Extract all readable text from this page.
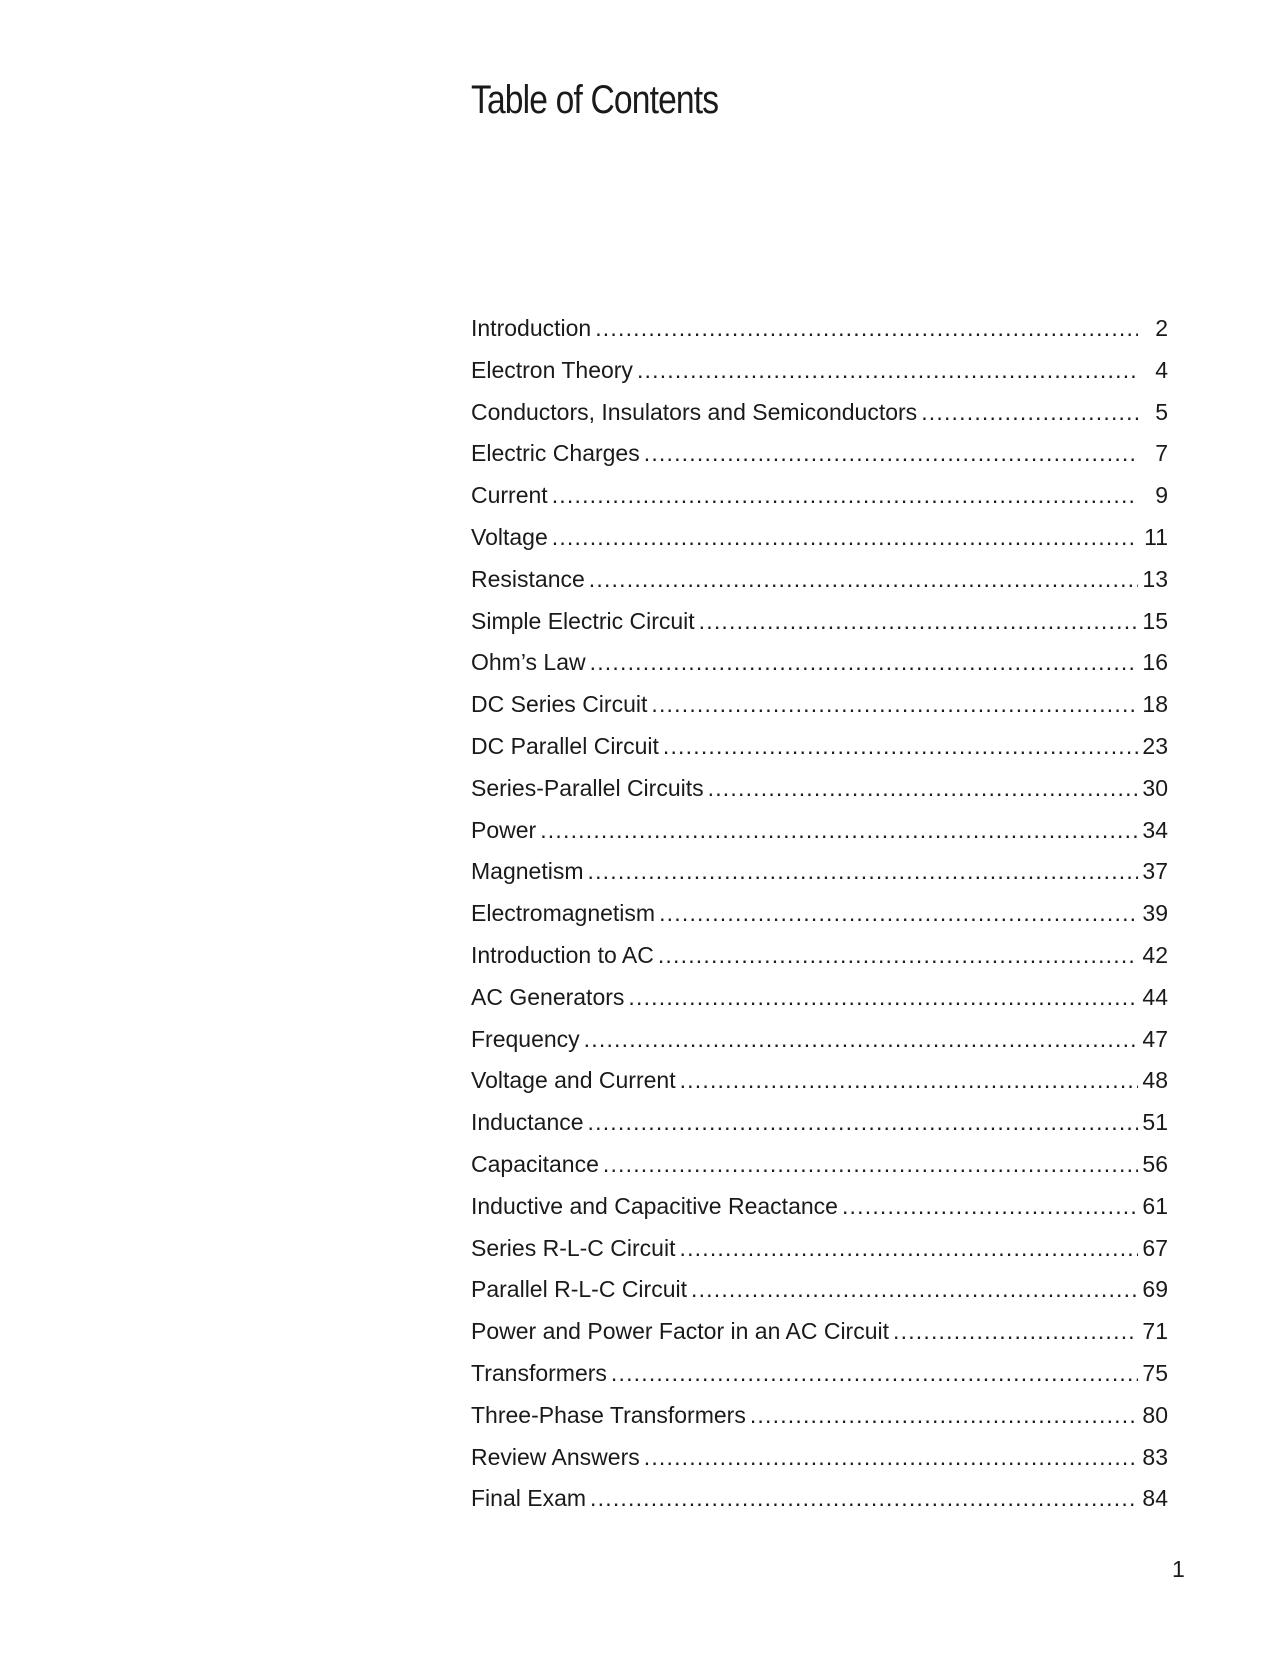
Table of Contents
Introduction .....	2
Electron Theory .....	4
Conductors, Insulators and Semiconductors .....	5
Electric Charges .....	7
Current .....	9
Voltage .....	11
Resistance .....	13
Simple Electric Circuit .....	15
Ohm’s Law .....	16
DC Series Circuit .....	18
DC Parallel Circuit .....	23
Series-Parallel Circuits .....	30
Power .....	34
Magnetism .....	37
Electromagnetism .....	39
Introduction to AC .....	42
AC Generators .....	44
Frequency .....	47
Voltage and Current .....	48
Inductance .....	51
Capacitance .....	56
Inductive and Capacitive Reactance .....	61
Series R-L-C Circuit .....	67
Parallel R-L-C Circuit .....	69
Power and Power Factor in an AC Circuit .....	71
Transformers .....	75
Three-Phase Transformers .....	80
Review Answers .....	83
Final Exam .....	84
1
